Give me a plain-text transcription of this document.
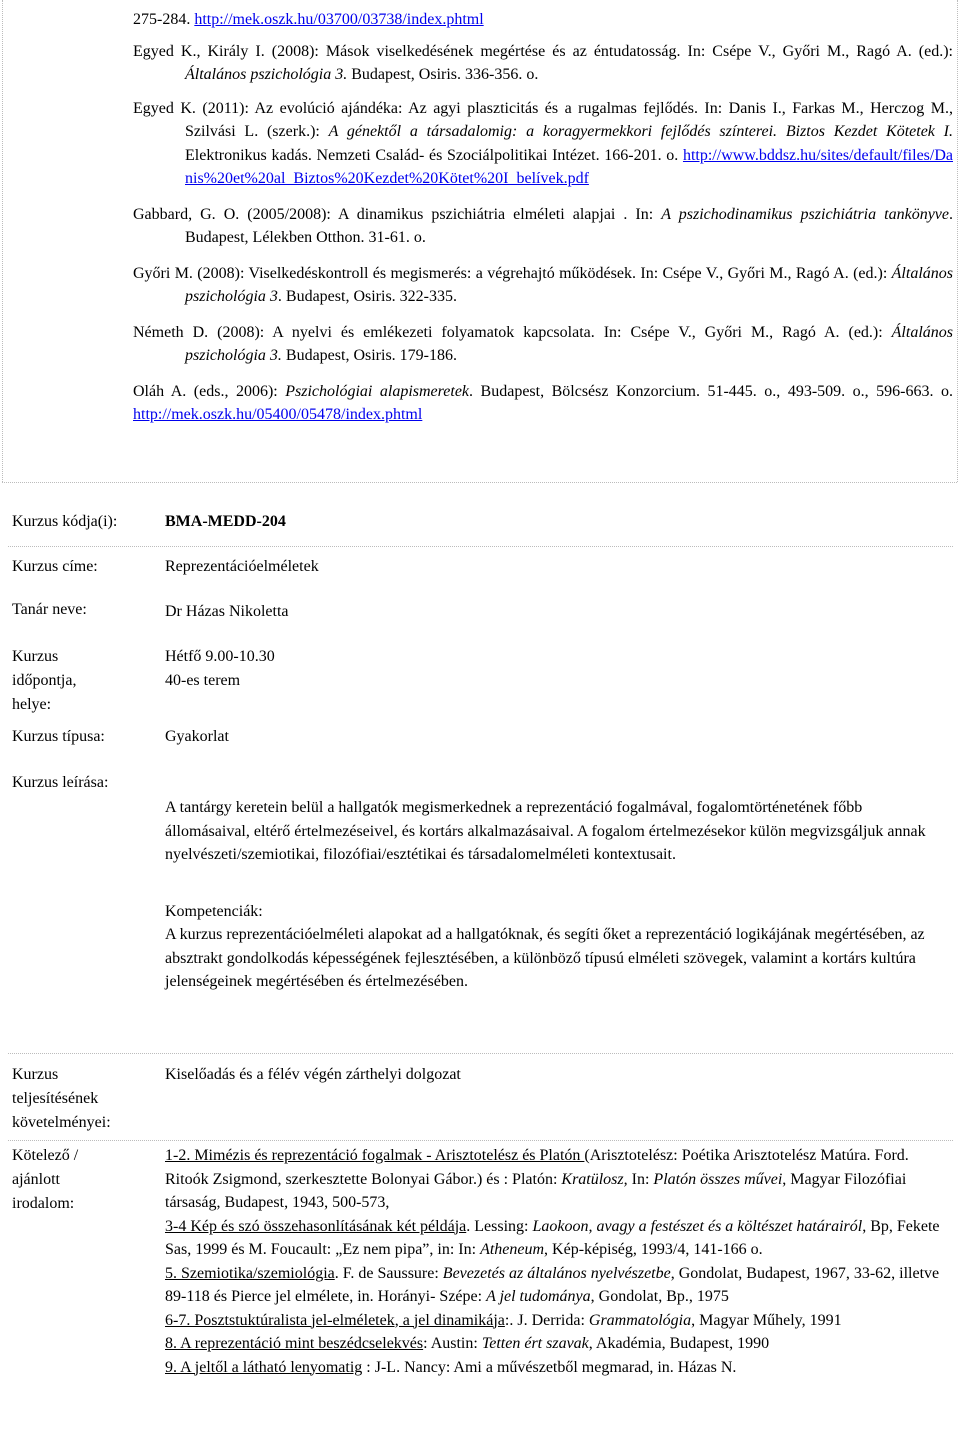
275-284. http://mek.oszk.hu/03700/03738/index.phtml

Egyed K., Király I. (2008): Mások viselkedésének megértése és az éntudatosság. In: Csépe V., Győri M., Ragó A. (ed.): Általános pszichológia 3. Budapest, Osiris. 336-356. o.

Egyed K. (2011): Az evolúció ajándéka: Az agyi plaszticitás és a rugalmas fejlődés. In: Danis I., Farkas M., Herczog M., Szilvási L. (szerk.): A génektől a társadalomig: a koragyermekkori fejlődés színterei. Biztos Kezdet Kötetek I. Elektronikus kadás. Nemzeti Család- és Szociálpolitikai Intézet. 166-201. o. http://www.bddsz.hu/sites/default/files/Danis%20et%20al_Biztos%20Kezdet%20Kötet%20I_belívek.pdf

Gabbard, G. O. (2005/2008): A dinamikus pszichiátria elméleti alapjai . In: A pszichodinamikus pszichiátria tankönyve. Budapest, Lélekben Otthon. 31-61. o.

Győri M. (2008): Viselkedéskontroll és megismerés: a végrehajtó működések. In: Csépe V., Győri M., Ragó A. (ed.): Általános pszichológia 3. Budapest, Osiris. 322-335.

Németh D. (2008): A nyelvi és emlékezeti folyamatok kapcsolata. In: Csépe V., Győri M., Ragó A. (ed.): Általános pszichológia 3. Budapest, Osiris. 179-186.

Oláh A. (eds., 2006): Pszichológiai alapismeretek. Budapest, Bölcsész Konzorcium. 51-445. o., 493-509. o., 596-663. o. http://mek.oszk.hu/05400/05478/index.phtml

Kurzus kódja(i):	BMA-MEDD-204
Kurzus címe:	Reprezentációelméletek
Tanár neve:	Dr Házas Nikoletta
Kurzus
időpontja,
helye:
Hétfő 9.00-10.30
40-es terem
Kurzus típusa:	Gyakorlat
Kurzus leírása:

A tantárgy keretein belül a hallgatók megismerkednek a reprezentáció fogalmával, fogalomtörténetének főbb állomásaival, eltérő értelmezéseivel, és kortárs alkalmazásaival. A fogalom értelmezésekor külön megvizsgáljuk annak nyelvészeti/szemiotikai, filozófiai/esztétikai és társadalomelméleti kontextusait.

Kompetenciák:

A kurzus reprezentációelméleti alapokat ad a hallgatóknak, és segíti őket a reprezentáció logikájának megértésében, az absztrakt gondolkodás képességének fejlesztésében, a különböző típusú elméleti szövegek, valamint a kortárs kultúra jelenségeinek megértésében és értelmezésében.

Kurzus
teljesítésének
követelményei:
Kiselőadás és a félév végén zárthelyi dolgozat
Kötelező /
ajánlott
irodalom:

1-2. Mimézis és reprezentáció fogalmak - Arisztotelész és Platón (Arisztotelész: Poétika Arisztotelész Matúra. Ford. Ritoók Zsigmond, szerkesztette Bolonyai Gábor.) és : Platón: Kratülosz, In: Platón összes művei, Magyar Filozófiai társaság, Budapest, 1943, 500-573,

3-4 Kép és szó összehasonlításának két példája. Lessing: Laokoon, avagy a festészet és a költészet határairól, Bp, Fekete Sas, 1999 és M. Foucault: „Ez nem pipa”, in: In: Atheneum, Kép-képiség, 1993/4, 141-166 o.

5. Szemiotika/szemiológia. F. de Saussure: Bevezetés az általános nyelvészetbe, Gondolat, Budapest, 1967, 33-62, illetve 89-118 és Pierce jel elmélete, in. Horányi- Szépe: A jel tudománya, Gondolat, Bp., 1975

6-7. Posztstuktúralista jel-elméletek, a jel dinamikája:. J. Derrida: Grammatológia, Magyar Műhely, 1991

8. A reprezentáció mint beszédcselekvés: Austin: Tetten ért szavak, Akadémia, Budapest, 1990

9. A jeltől a látható lenyomatig : J-L. Nancy: Ami a művészetből megmarad, in. Házas N.
